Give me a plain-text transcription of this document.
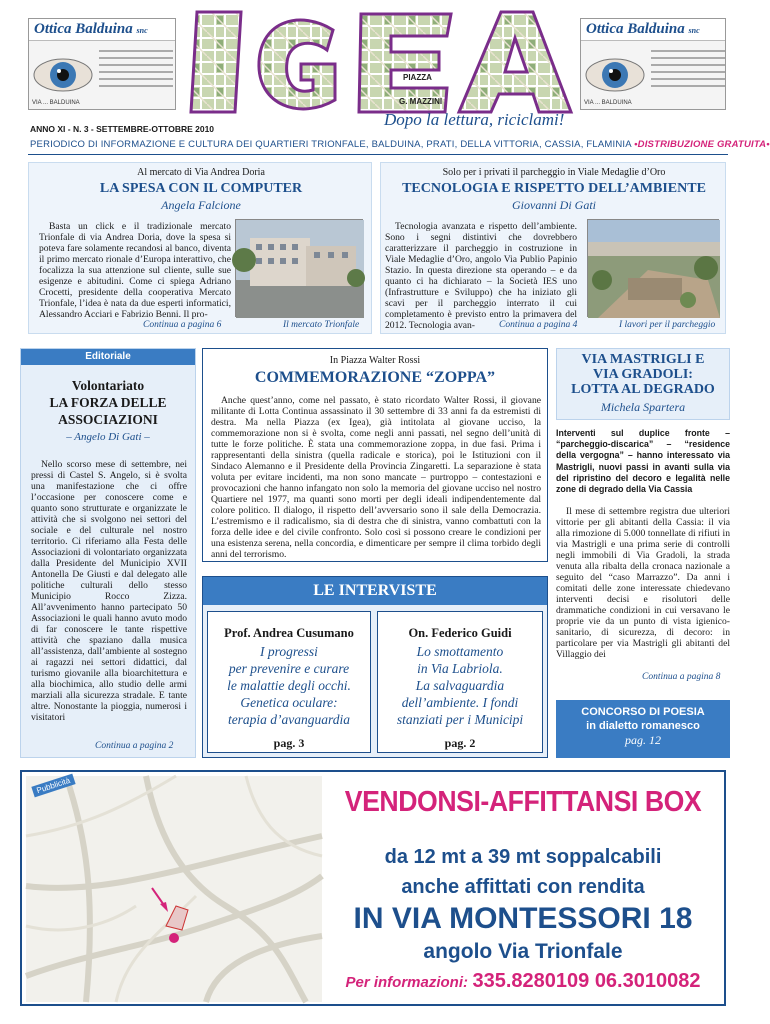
Ottica Balduina snc
VIA ... BALDUINA
Ottica Balduina snc
VIA ... BALDUINA
PIAZZA
G. MAZZINI
ANNO XI - N. 3 - SETTEMBRE-OTTOBRE 2010	Dopo la lettura, riciclami!
PERIODICO DI INFORMAZIONE E CULTURA DEI QUARTIERI TRIONFALE, BALDUINA, PRATI, DELLA VITTORIA, CASSIA, FLAMINIA •DISTRIBUZIONE GRATUITA•
Al mercato di Via Andrea Doria
LA SPESA CON IL COMPUTER
Angela Falcione
Basta un click e il tradizionale mercato Trionfale di via Andrea Doria, dove la spesa si poteva fare solamente recandosi al banco, diventa il primo mercato rionale d’Europa interattivo, che focalizza la sua attenzione sul cliente, sulle sue esigenze e abitudini. Come ci spiega Adriano Crocetti, presidente della cooperativa Mercato Trionfale, l’idea è nata da due esperti informatici, Alessandro Acciari e Fabrizio Benni. Il pro-
Continua a pagina 6	Il mercato Trionfale
Solo per i privati il parcheggio in Viale Medaglie d’Oro
TECNOLOGIA E RISPETTO DELL’AMBIENTE
Giovanni Di Gati
Tecnologia avanzata e rispetto dell’ambiente. Sono i segni distintivi che dovrebbero caratterizzare il parcheggio in costruzione in Viale Medaglie d’Oro, angolo Via Publio Papinio Stazio. In questa direzione sta operando – e da quanto ci ha dichiarato – la Società IES uno (Infrastrutture e Sviluppo) che ha iniziato gli scavi per il parcheggio interrato il cui completamento è previsto entro la primavera del 2012. Tecnologia avan-	Continua a pagina 4	I lavori per il parcheggio
Editoriale
Volontariato
LA FORZA DELLE ASSOCIAZIONI
– Angelo Di Gati –
Nello scorso mese di settembre, nei pressi di Castel S. Angelo, si è svolta una manifestazione che ci offre l’occasione per conoscere come e quanto sono strutturate e organizzate le attività che si svolgono nei settori del sociale e del culturale nel nostro territorio. Ci riferiamo alla Festa delle Associazioni di volontariato organizzata dalla Presidente del Municipio XVII Antonella De Giusti e dal delegato alle politiche culturali dello stesso Municipio Rocco Zizza. All’avvenimento hanno partecipato 50 Associazioni le quali hanno avuto modo di far conoscere le tante rispettive attività che spaziano dalla musica all’assistenza, dall’ambiente al sostegno ai ragazzi nei settori didattici, dal turismo giovanile alla bioarchitettura e alla biochimica, allo studio delle armi marziali alla sicurezza stradale. E tante altre. Nonostante la pioggia, numerosi i visitatori
Continua a pagina 2
In Piazza Walter Rossi
COMMEMORAZIONE “ZOPPA”
Anche quest’anno, come nel passato, è stato ricordato Walter Rossi, il giovane militante di Lotta Continua assassinato il 30 settembre di 33 anni fa da estremisti di destra. Ma nella Piazza (ex Igea), già intitolata al giovane ucciso, la commemorazione non si è svolta, come negli anni passati, nel segno dell’unità di tutte le forze politiche. È stata una commemorazione zoppa, in due fasi. Prima i rappresentanti della sinistra (quella radicale e storica), poi le Istituzioni con il Sindaco Alemanno e il Presidente della Provincia Zingaretti. La separazione è stata voluta per evitare incidenti, ma non sono mancate – purtroppo – contestazioni e provocazioni che hanno infangato non solo la memoria del giovane ucciso nel nostro Quartiere nel 1977, ma quanti sono morti per degli ideali indipendentemente dal colore politico. Il dialogo, il rispetto dell’avversario sono il sale della Democrazia. L’estremismo e il radicalismo, sia di destra che di sinistra, vanno combattuti con la forza delle idee e del civile confronto. Solo così si possono creare le condizioni per una esistenza serena, nella concordia, e dimenticare per sempre il clima torbido degli anni del terrorismo.
LE INTERVISTE
Prof. Andrea Cusumano
I progressi
per prevenire e curare
le malattie degli occhi.
Genetica oculare:
terapia d’avanguardia
pag. 3
On. Federico Guidi
Lo smottamento
in Via Labriola.
La salvaguardia
dell’ambiente. I fondi
stanziati per i Municipi
pag. 2
VIA MASTRIGLI E
VIA GRADOLI:
LOTTA AL DEGRADO
Michela Spartera
Interventi sul duplice fronte – “parcheggio-discarica” – “residence della vergogna” – hanno interessato via Mastrigli, nuovi passi in avanti sulla via del ripristino del decoro e legalità nelle zone di degrado della Via Cassia
Il mese di settembre registra due ulteriori vittorie per gli abitanti della Cassia: il via alla rimozione di 5.000 tonnellate di rifiuti in via Mastrigli e una prima serie di controlli negli immobili di Via Gradoli, la strada venuta alla ribalta della cronaca nazionale a seguito del “caso Marrazzo”. Da anni i comitati delle zone interessate chiedevano interventi decisi e risolutori delle drammatiche condizioni in cui versavano le proprie vie da un punto di vista igienico-sanitario, di sicurezza, di decoro: in particolare per via Mastrigli gli abitanti del Villaggio dei
Continua a pagina 8
CONCORSO DI POESIA
in dialetto romanesco
pag. 12
Pubblicità
VENDONSI-AFFITTANSI BOX
da 12 mt a 39 mt soppalcabili
anche affittati con rendita
IN VIA MONTESSORI 18
angolo Via Trionfale
Per informazioni: 335.8280109 06.3010082
